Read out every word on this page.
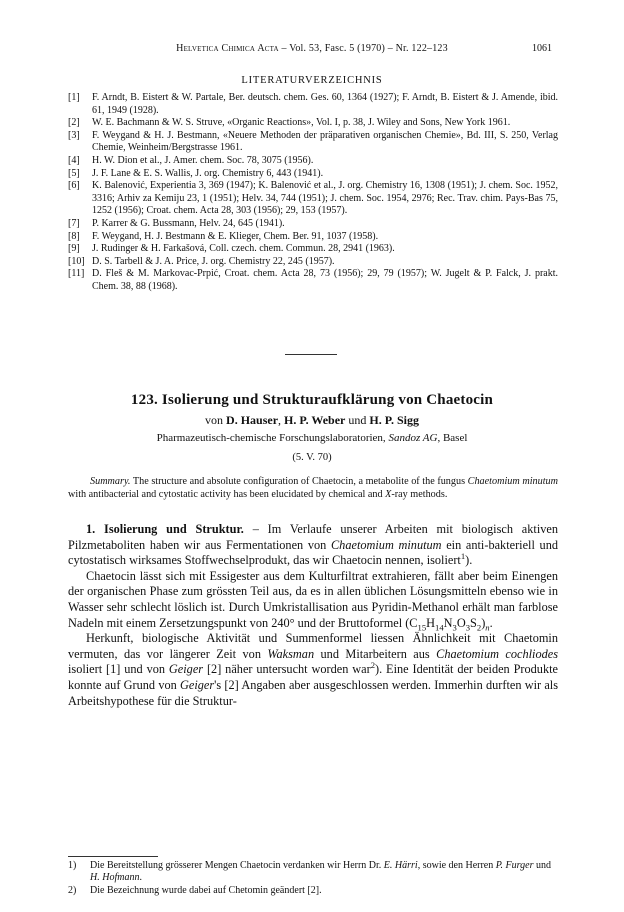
Helvetica Chimica Acta – Vol. 53, Fasc. 5 (1970) – Nr. 122–123	1061
LITERATURVERZEICHNIS
[1]	F. Arndt, B. Eistert & W. Partale, Ber. deutsch. chem. Ges. 60, 1364 (1927); F. Arndt, B. Eistert & J. Amende, ibid. 61, 1949 (1928).
[2]	W. E. Bachmann & W. S. Struve, «Organic Reactions», Vol. I, p. 38, J. Wiley and Sons, New York 1961.
[3]	F. Weygand & H. J. Bestmann, «Neuere Methoden der präparativen organischen Chemie», Bd. III, S. 250, Verlag Chemie, Weinheim/Bergstrasse 1961.
[4]	H. W. Dion et al., J. Amer. chem. Soc. 78, 3075 (1956).
[5]	J. F. Lane & E. S. Wallis, J. org. Chemistry 6, 443 (1941).
[6]	K. Balenović, Experientia 3, 369 (1947); K. Balenović et al., J. org. Chemistry 16, 1308 (1951); J. chem. Soc. 1952, 3316; Arhiv za Kemiju 23, 1 (1951); Helv. 34, 744 (1951); J. chem. Soc. 1954, 2976; Rec. Trav. chim. Pays-Bas 75, 1252 (1956); Croat. chem. Acta 28, 303 (1956); 29, 153 (1957).
[7]	P. Karrer & G. Bussmann, Helv. 24, 645 (1941).
[8]	F. Weygand, H. J. Bestmann & E. Klieger, Chem. Ber. 91, 1037 (1958).
[9]	J. Rudinger & H. Farkašová, Coll. czech. chem. Commun. 28, 2941 (1963).
[10] D. S. Tarbell & J. A. Price, J. org. Chemistry 22, 245 (1957).
[11] D. Fleš & M. Markovac-Prpić, Croat. chem. Acta 28, 73 (1956); 29, 79 (1957); W. Jugelt & P. Falck, J. prakt. Chem. 38, 88 (1968).
123. Isolierung und Strukturaufklärung von Chaetocin
von D. Hauser, H. P. Weber und H. P. Sigg
Pharmazeutisch-chemische Forschungslaboratorien, Sandoz AG, Basel
(5. V. 70)

Summary. The structure and absolute configuration of Chaetocin, a metabolite of the fungus Chaetomium minutum with antibacterial and cytostatic activity has been elucidated by chemical and X-ray methods.

1. Isolierung und Struktur. – Im Verlaufe unserer Arbeiten mit biologisch aktiven Pilzmetaboliten haben wir aus Fermentationen von Chaetomium minutum ein anti-bakteriell und cytostatisch wirksames Stoffwechselprodukt, das wir Chaetocin nennen, isoliert$^1$).

Chaetocin lässt sich mit Essigester aus dem Kulturfiltrat extrahieren, fällt aber beim Einengen der organischen Phase zum grössten Teil aus, da es in allen üblichen Lösungsmitteln ebenso wie in Wasser sehr schlecht löslich ist. Durch Umkristallisation aus Pyridin-Methanol erhält man farblose Nadeln mit einem Zersetzungspunkt von 240° und der Bruttoformel $(C_{15}H_{14}N_3O_3S_2)_n$.

Herkunft, biologische Aktivität und Summenformel liessen Ähnlichkeit mit Chaetomin vermuten, das vor längerer Zeit von Waksman und Mitarbeitern aus Chaetomium cochliodes isoliert [1] und von Geiger [2] näher untersucht worden war$^2$). Eine Identität der beiden Produkte konnte auf Grund von Geiger's [2] Angaben aber ausgeschlossen werden. Immerhin durften wir als Arbeitshypothese für die Struktur-

1) Die Bereitstellung grösserer Mengen Chaetocin verdanken wir Herrn Dr. E. Härri, sowie den Herren P. Furger und H. Hofmann.
2) Die Bezeichnung wurde dabei auf Chetomin geändert [2].
